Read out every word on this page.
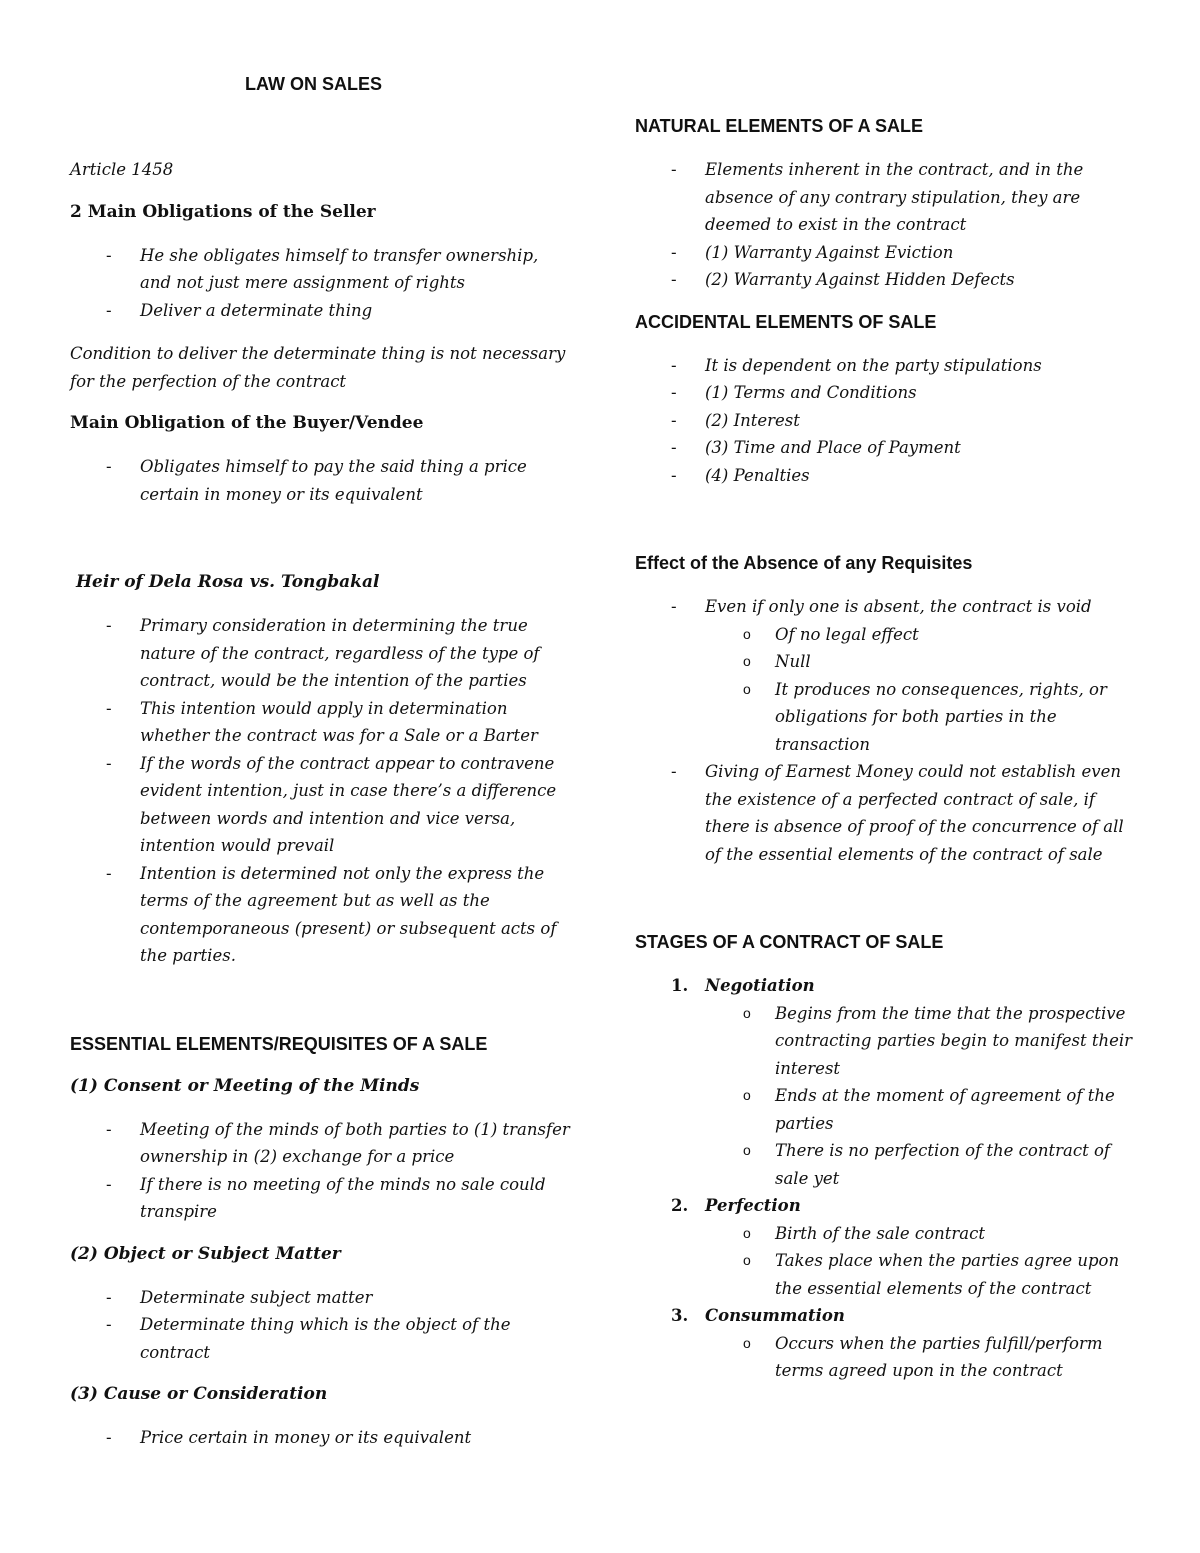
LAW ON SALES

Article 1458

2 Main Obligations of the Seller
- He she obligates himself to transfer ownership, and not just mere assignment of rights
- Deliver a determinate thing

Condition to deliver the determinate thing is not necessary for the perfection of the contract

Main Obligation of the Buyer/Vendee
- Obligates himself to pay the said thing a price certain in money or its equivalent
Heir of Dela Rosa vs. Tongbakal
- Primary consideration in determining the true nature of the contract, regardless of the type of contract, would be the intention of the parties
- This intention would apply in determination whether the contract was for a Sale or a Barter
- If the words of the contract appear to contravene evident intention, just in case there’s a difference between words and intention and vice versa, intention would prevail
- Intention is determined not only the express the terms of the agreement but as well as the contemporaneous (present) or subsequent acts of the parties.
ESSENTIAL ELEMENTS/REQUISITES OF A SALE
(1) Consent or Meeting of the Minds
- Meeting of the minds of both parties to (1) transfer ownership in (2) exchange for a price
- If there is no meeting of the minds no sale could transpire
(2) Object or Subject Matter
- Determinate subject matter
- Determinate thing which is the object of the contract
(3) Cause or Consideration
- Price certain in money or its equivalent
NATURAL ELEMENTS OF A SALE
- Elements inherent in the contract, and in the absence of any contrary stipulation, they are deemed to exist in the contract
- (1) Warranty Against Eviction
- (2) Warranty Against Hidden Defects
ACCIDENTAL ELEMENTS OF SALE
- It is dependent on the party stipulations
- (1) Terms and Conditions
- (2) Interest
- (3) Time and Place of Payment
- (4) Penalties
Effect of the Absence of any Requisites
- Even if only one is absent, the contract is void
o Of no legal effect
o Null
o It produces no consequences, rights, or obligations for both parties in the transaction
- Giving of Earnest Money could not establish even the existence of a perfected contract of sale, if there is absence of proof of the concurrence of all of the essential elements of the contract of sale
STAGES OF A CONTRACT OF SALE
1. Negotiation
o Begins from the time that the prospective contracting parties begin to manifest their interest
o Ends at the moment of agreement of the parties
o There is no perfection of the contract of sale yet
2. Perfection
o Birth of the sale contract
o Takes place when the parties agree upon the essential elements of the contract
3. Consummation
o Occurs when the parties fulfill/perform terms agreed upon in the contract
